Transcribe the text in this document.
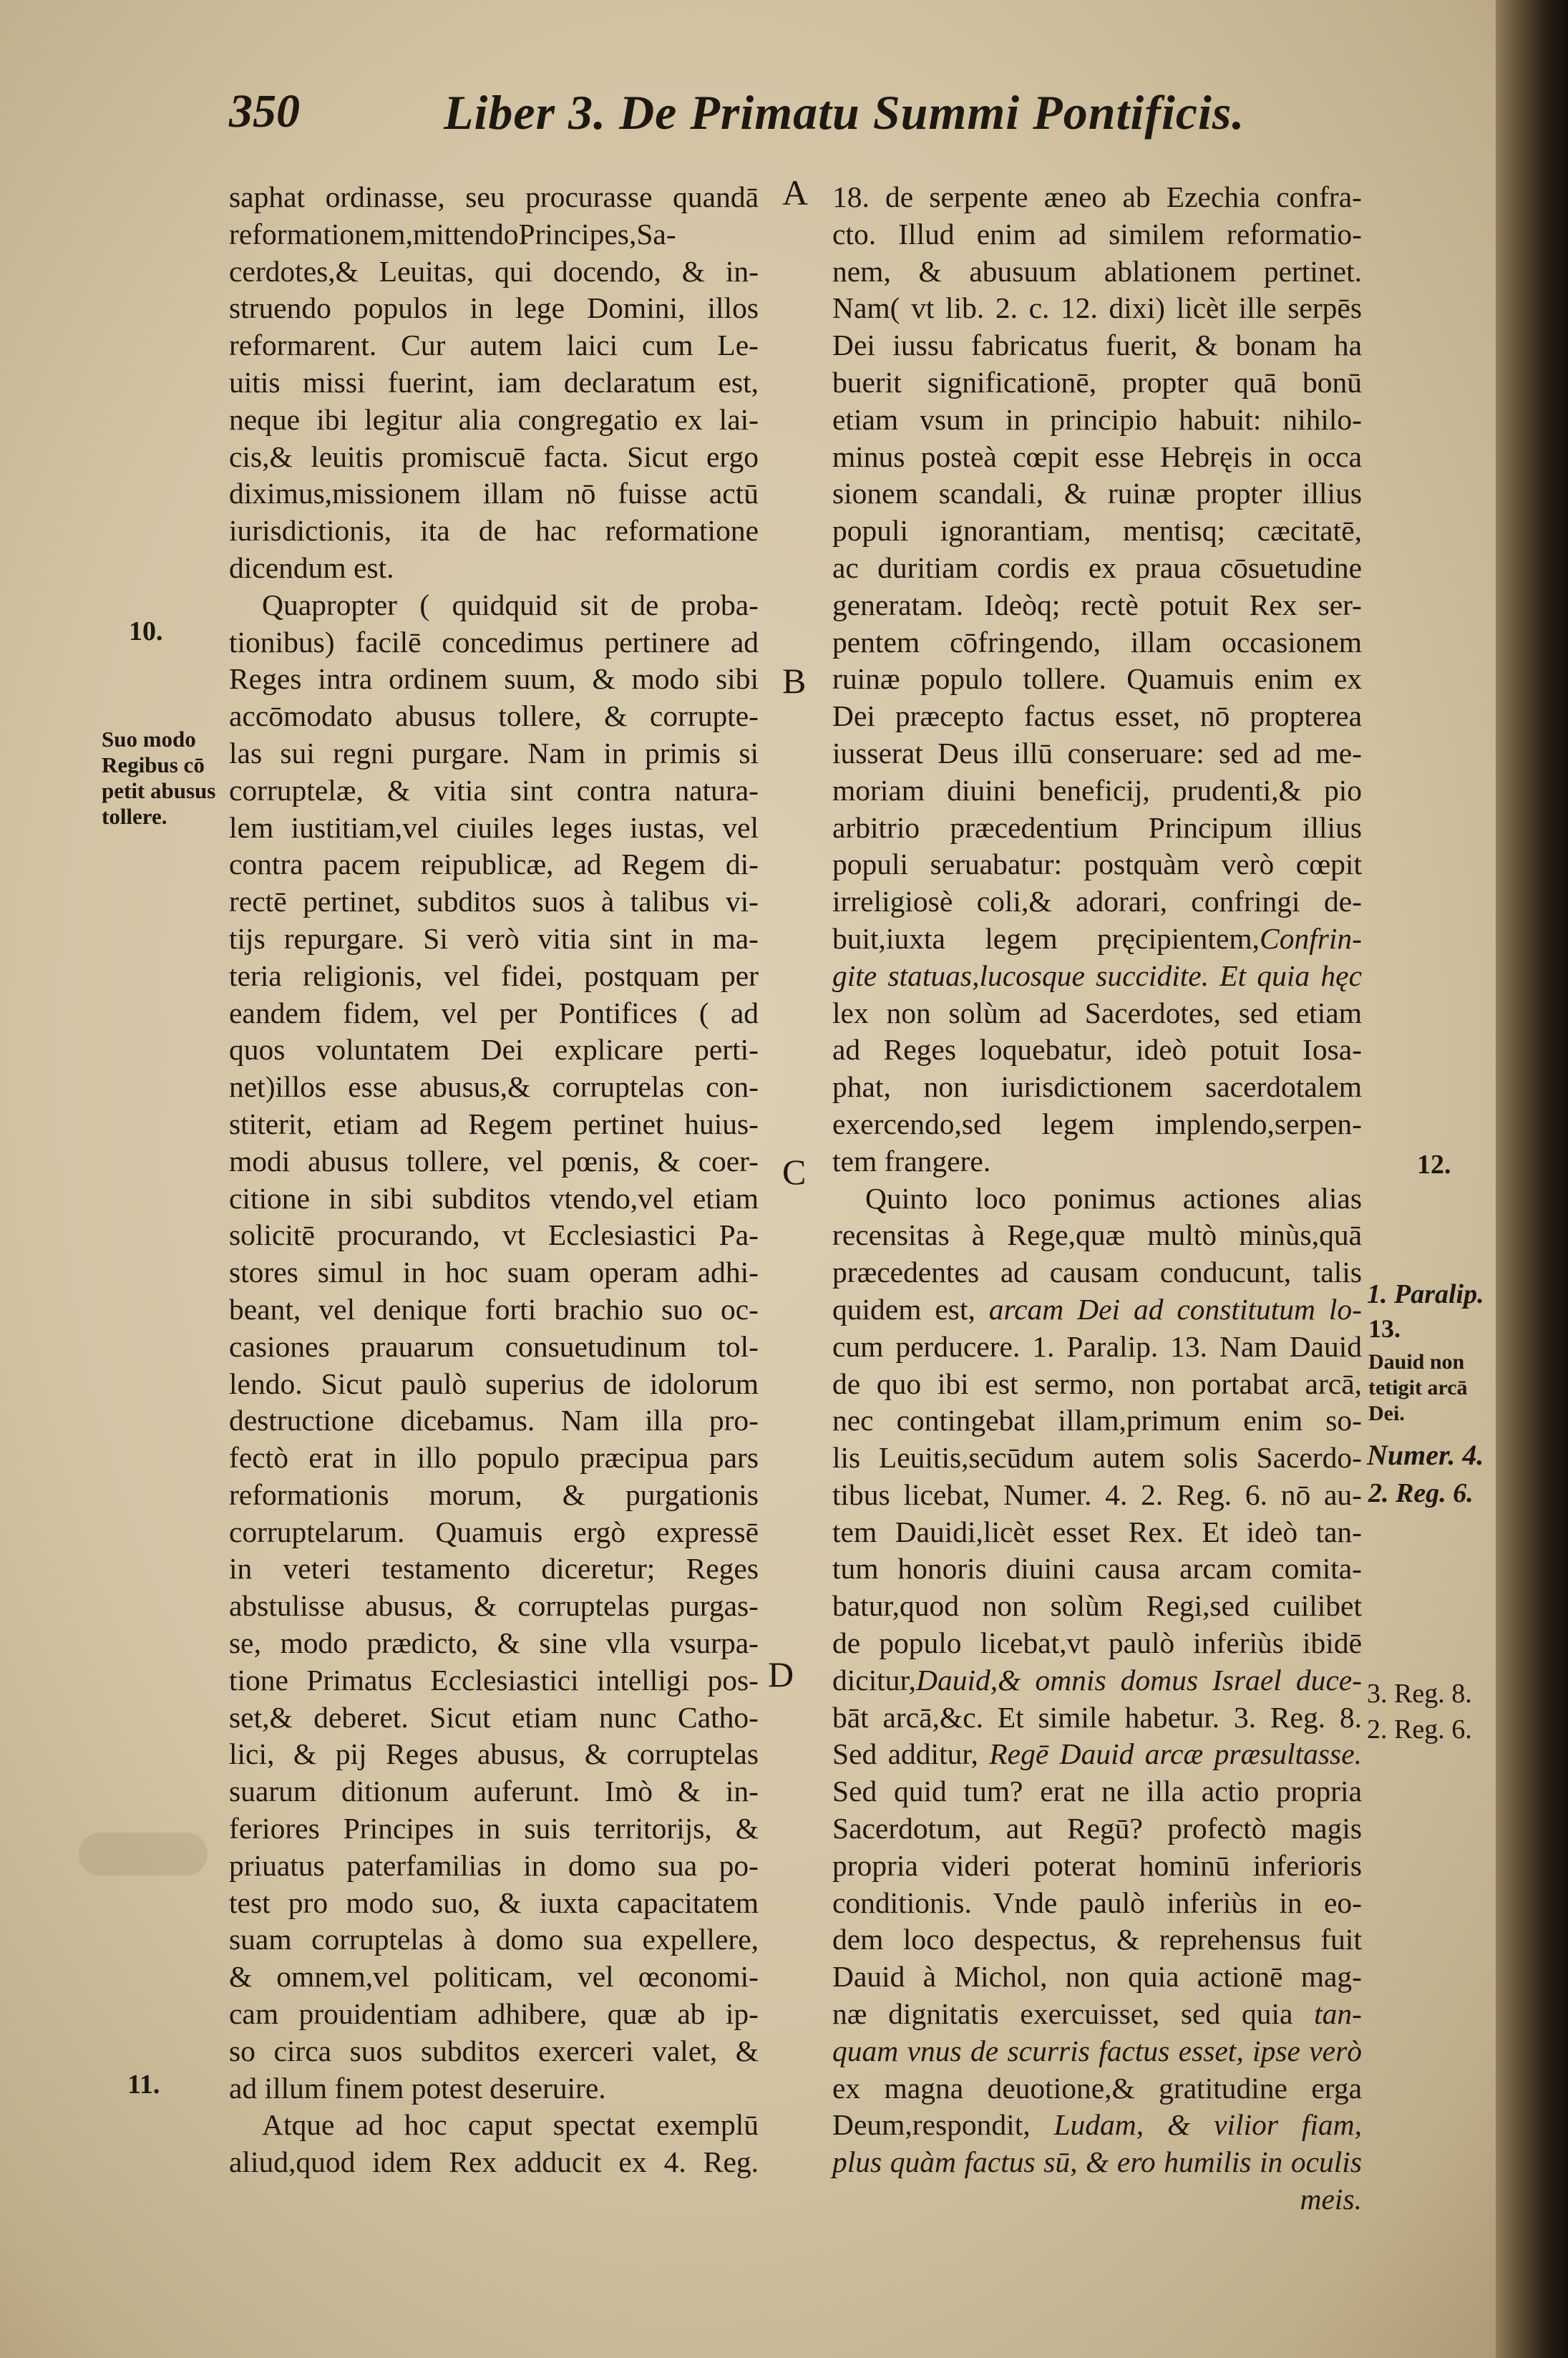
350	Liber 3. De Primatu Summi Pontificis.
A
B
C
D
10.
Suo modo
Regibus cō
petit abusus
tollere.
11.
12.
1. Paralip.
13.
Dauid non
tetigit arcā
Dei.
Numer. 4.
2. Reg. 6.
3. Reg. 8.
2. Reg. 6.
saphat ordinasse, seu procurasse quandā
reformationem,mittendoPrincipes,Sa-
cerdotes,& Leuitas, qui docendo, & in-
struendo populos in lege Domini, illos
reformarent. Cur autem laici cum Le-
uitis missi fuerint, iam declaratum est,
neque ibi legitur alia congregatio ex lai-
cis,& leuitis promiscuē facta. Sicut ergo
diximus,missionem illam nō fuisse actū
iurisdictionis, ita de hac reformatione
dicendum est.
Quapropter ( quidquid sit de proba-
tionibus) facilē concedimus pertinere ad
Reges intra ordinem suum, & modo sibi
accōmodato abusus tollere, & corrupte-
las sui regni purgare. Nam in primis si
corruptelæ, & vitia sint contra natura-
lem iustitiam,vel ciuiles leges iustas, vel
contra pacem reipublicæ, ad Regem di-
rectē pertinet, subditos suos à talibus vi-
tijs repurgare. Si verò vitia sint in ma-
teria religionis, vel fidei, postquam per
eandem fidem, vel per Pontifices ( ad
quos voluntatem Dei explicare perti-
net)illos esse abusus,& corruptelas con-
stiterit, etiam ad Regem pertinet huius-
modi abusus tollere, vel pœnis, & coer-
citione in sibi subditos vtendo,vel etiam
solicitē procurando, vt Ecclesiastici Pa-
stores simul in hoc suam operam adhi-
beant, vel denique forti brachio suo oc-
casiones prauarum consuetudinum tol-
lendo. Sicut paulò superius de idolorum
destructione dicebamus. Nam illa pro-
fectò erat in illo populo præcipua pars
reformationis morum, & purgationis
corruptelarum. Quamuis ergò expressē
in veteri testamento diceretur; Reges
abstulisse abusus, & corruptelas purgas-
se, modo prædicto, & sine vlla vsurpa-
tione Primatus Ecclesiastici intelligi pos-
set,& deberet. Sicut etiam nunc Catho-
lici, & pij Reges abusus, & corruptelas
suarum ditionum auferunt. Imò & in-
feriores Principes in suis territorijs, &
priuatus paterfamilias in domo sua po-
test pro modo suo, & iuxta capacitatem
suam corruptelas à domo sua expellere,
& omnem,vel politicam, vel œconomi-
cam prouidentiam adhibere, quæ ab ip-
so circa suos subditos exerceri valet, &
ad illum finem potest deseruire.
Atque ad hoc caput spectat exemplū
aliud,quod idem Rex adducit ex 4. Reg.
18. de serpente æneo ab Ezechia confra-
cto. Illud enim ad similem reformatio-
nem, & abusuum ablationem pertinet.
Nam( vt lib. 2. c. 12. dixi) licèt ille serpēs
Dei iussu fabricatus fuerit, & bonam ha
buerit significationē, propter quā bonū
etiam vsum in principio habuit: nihilo-
minus posteà cœpit esse Hebręis in occa
sionem scandali, & ruinæ propter illius
populi ignorantiam, mentisq; cæcitatē,
ac duritiam cordis ex praua cōsuetudine
generatam. Ideòq; rectè potuit Rex ser-
pentem cōfringendo, illam occasionem
ruinæ populo tollere. Quamuis enim ex
Dei præcepto factus esset, nō propterea
iusserat Deus illū conseruare: sed ad me-
moriam diuini beneficij, prudenti,& pio
arbitrio præcedentium Principum illius
populi seruabatur: postquàm verò cœpit
irreligiosè coli,& adorari, confringi de-
buit,iuxta legem pręcipientem,Confrin-
gite statuas,lucosque succidite. Et quia hęc
lex non solùm ad Sacerdotes, sed etiam
ad Reges loquebatur, ideò potuit Iosa-
phat, non iurisdictionem sacerdotalem
exercendo,sed legem implendo,serpen-
tem frangere.
Quinto loco ponimus actiones alias
recensitas à Rege,quæ multò minùs,quā
præcedentes ad causam conducunt, talis
quidem est, arcam Dei ad constitutum lo-
cum perducere. 1. Paralip. 13. Nam Dauid
de quo ibi est sermo, non portabat arcā,
nec contingebat illam,primum enim so-
lis Leuitis,secūdum autem solis Sacerdo-
tibus licebat, Numer. 4. 2. Reg. 6. nō au-
tem Dauidi,licèt esset Rex. Et ideò tan-
tum honoris diuini causa arcam comita-
batur,quod non solùm Regi,sed cuilibet
de populo licebat,vt paulò inferiùs ibidē
dicitur,Dauid,& omnis domus Israel duce-
bāt arcā,&c. Et simile habetur. 3. Reg. 8.
Sed additur, Regē Dauid arcæ præsultasse.
Sed quid tum? erat ne illa actio propria
Sacerdotum, aut Regū? profectò magis
propria videri poterat hominū inferioris
conditionis. Vnde paulò inferiùs in eo-
dem loco despectus, & reprehensus fuit
Dauid à Michol, non quia actionē mag-
næ dignitatis exercuisset, sed quia tan-
quam vnus de scurris factus esset, ipse verò
ex magna deuotione,& gratitudine erga
Deum,respondit, Ludam, & vilior fiam,
plus quàm factus sū, & ero humilis in oculis
meis.
